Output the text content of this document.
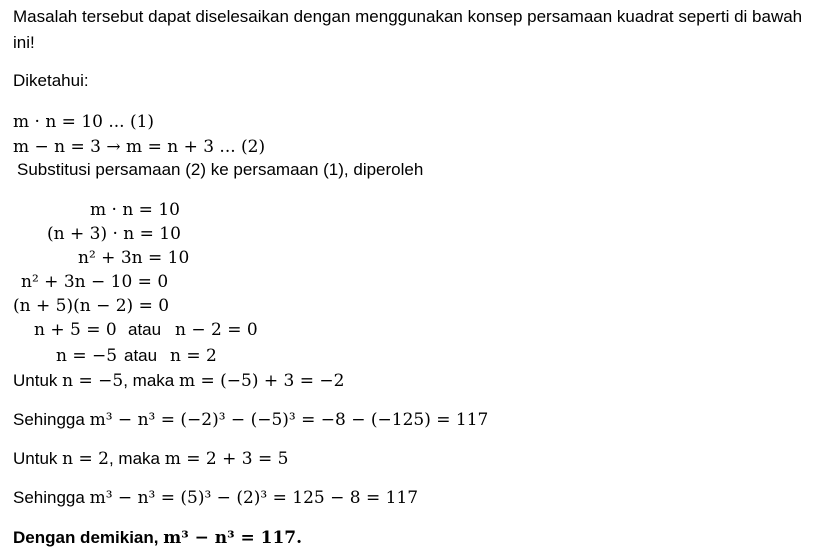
Masalah tersebut dapat diselesaikan dengan menggunakan konsep persamaan kuadrat seperti di bawah
ini!
Diketahui:
m · n = 10 ... (1)
m − n = 3 → m = n + 3 ... (2)
Substitusi persamaan (2) ke persamaan (1), diperoleh
m · n = 10
(n + 3) · n = 10
n² + 3n = 10
n² + 3n − 10 = 0
(n + 5)(n − 2) = 0
n + 5 = 0 atau n − 2 = 0
n = −5 atau n = 2
Untuk n = −5, maka m = (−5) + 3 = −2
Sehingga m³ − n³ = (−2)³ − (−5)³ = −8 − (−125) = 117
Untuk n = 2, maka m = 2 + 3 = 5
Sehingga m³ − n³ = (5)³ − (2)³ = 125 − 8 = 117
Dengan demikian, m³ − n³ = 117.
